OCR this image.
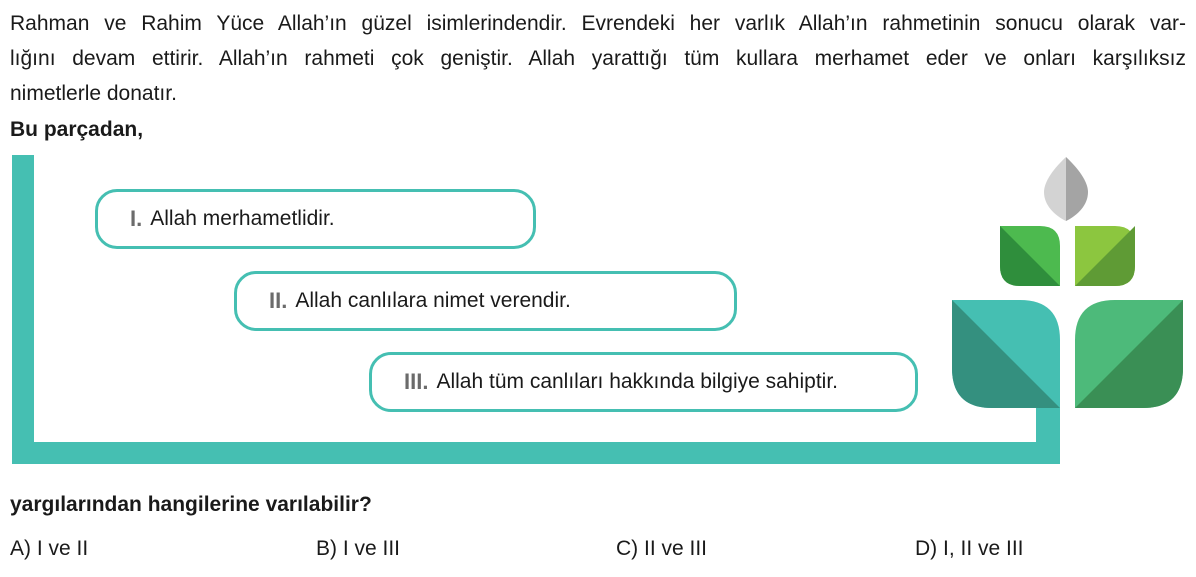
Rahman ve Rahim Yüce Allah’ın güzel isimlerindendir. Evrendeki her varlık Allah’ın rahmetinin sonucu olarak var-
lığını devam ettirir. Allah’ın rahmeti çok geniştir. Allah yarattığı tüm kullara merhamet eder ve onları karşılıksız
nimetlerle donatır.
Bu parçadan,
I. Allah merhametlidir.
II. Allah canlılara nimet verendir.
III. Allah tüm canlıları hakkında bilgiye sahiptir.
yargılarından hangilerine varılabilir?
A) I ve II	B) I ve III	C) II ve III	D) I, II ve III
